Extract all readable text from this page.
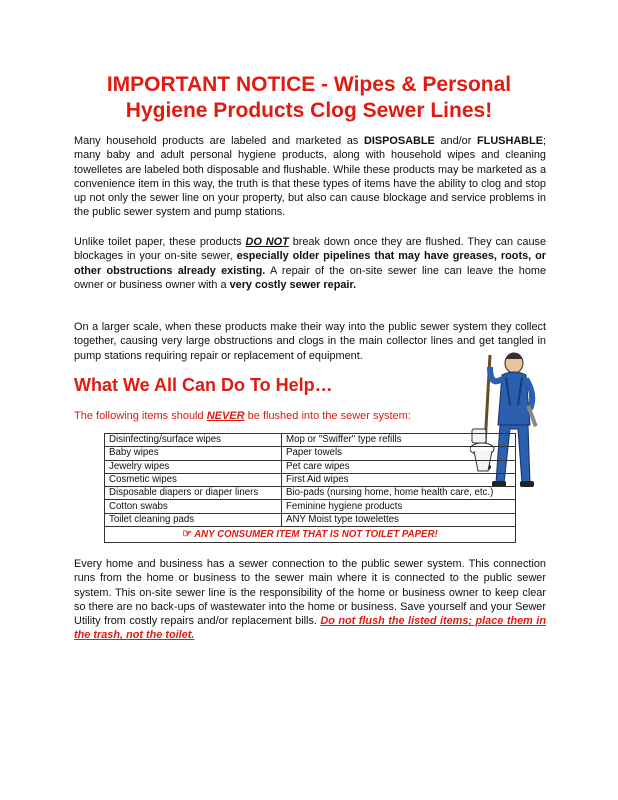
IMPORTANT NOTICE - Wipes & Personal
Hygiene Products Clog Sewer Lines!

Many household products are labeled and marketed as DISPOSABLE and/or FLUSHABLE; many baby and adult personal hygiene products, along with household wipes and cleaning towelletes are labeled both disposable and flushable. While these products may be marketed as a convenience item in this way, the truth is that these types of items have the ability to clog and stop up not only the sewer line on your property, but also can cause blockage and service problems in the public sewer system and pump stations.

Unlike toilet paper, these products DO NOT break down once they are flushed. They can cause blockages in your on-site sewer, especially older pipelines that may have greases, roots, or other obstructions already existing. A repair of the on-site sewer line can leave the home owner or business owner with a very costly sewer repair.

On a larger scale, when these products make their way into the public sewer system they collect together, causing very large obstructions and clogs in the main collector lines and get tangled in pump stations requiring repair or replacement of equipment.

What We All Can Do To Help…

The following items should NEVER be flushed into the sewer system:

Disinfecting/surface wipes	Mop or "Swiffer" type refills
Baby wipes	Paper towels
Jewelry wipes	Pet care wipes
Cosmetic wipes	First Aid wipes
Disposable diapers or diaper liners	Bio-pads (nursing home, home health care, etc.)
Cotton swabs	Feminine hygiene products
Toilet cleaning pads	ANY Moist type towelettes
☞ ANY CONSUMER ITEM THAT IS NOT TOILET PAPER!	

Every home and business has a sewer connection to the public sewer system. This connection runs from the home or business to the sewer main where it is connected to the public sewer system. This on-site sewer line is the responsibility of the home or business owner to keep clear so there are no back-ups of wastewater into the home or business. Save yourself and your Sewer Utility from costly repairs and/or replacement bills. Do not flush the listed items; place them in the trash, not the toilet.
